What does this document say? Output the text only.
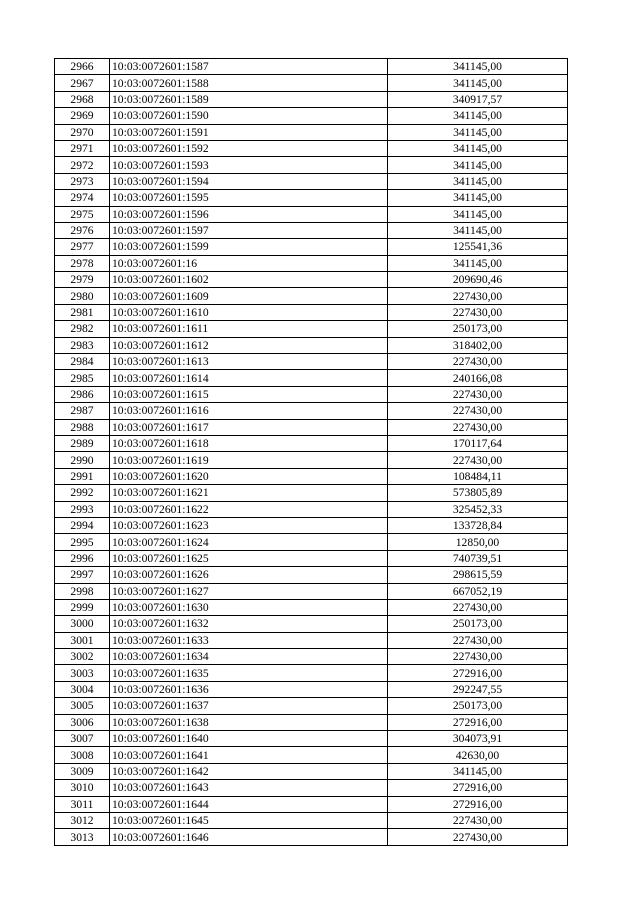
2966	10:03:0072601:1587	341145,00
2967	10:03:0072601:1588	341145,00
2968	10:03:0072601:1589	340917,57
2969	10:03:0072601:1590	341145,00
2970	10:03:0072601:1591	341145,00
2971	10:03:0072601:1592	341145,00
2972	10:03:0072601:1593	341145,00
2973	10:03:0072601:1594	341145,00
2974	10:03:0072601:1595	341145,00
2975	10:03:0072601:1596	341145,00
2976	10:03:0072601:1597	341145,00
2977	10:03:0072601:1599	125541,36
2978	10:03:0072601:16	341145,00
2979	10:03:0072601:1602	209690,46
2980	10:03:0072601:1609	227430,00
2981	10:03:0072601:1610	227430,00
2982	10:03:0072601:1611	250173,00
2983	10:03:0072601:1612	318402,00
2984	10:03:0072601:1613	227430,00
2985	10:03:0072601:1614	240166,08
2986	10:03:0072601:1615	227430,00
2987	10:03:0072601:1616	227430,00
2988	10:03:0072601:1617	227430,00
2989	10:03:0072601:1618	170117,64
2990	10:03:0072601:1619	227430,00
2991	10:03:0072601:1620	108484,11
2992	10:03:0072601:1621	573805,89
2993	10:03:0072601:1622	325452,33
2994	10:03:0072601:1623	133728,84
2995	10:03:0072601:1624	12850,00
2996	10:03:0072601:1625	740739,51
2997	10:03:0072601:1626	298615,59
2998	10:03:0072601:1627	667052,19
2999	10:03:0072601:1630	227430,00
3000	10:03:0072601:1632	250173,00
3001	10:03:0072601:1633	227430,00
3002	10:03:0072601:1634	227430,00
3003	10:03:0072601:1635	272916,00
3004	10:03:0072601:1636	292247,55
3005	10:03:0072601:1637	250173,00
3006	10:03:0072601:1638	272916,00
3007	10:03:0072601:1640	304073,91
3008	10:03:0072601:1641	42630,00
3009	10:03:0072601:1642	341145,00
3010	10:03:0072601:1643	272916,00
3011	10:03:0072601:1644	272916,00
3012	10:03:0072601:1645	227430,00
3013	10:03:0072601:1646	227430,00
